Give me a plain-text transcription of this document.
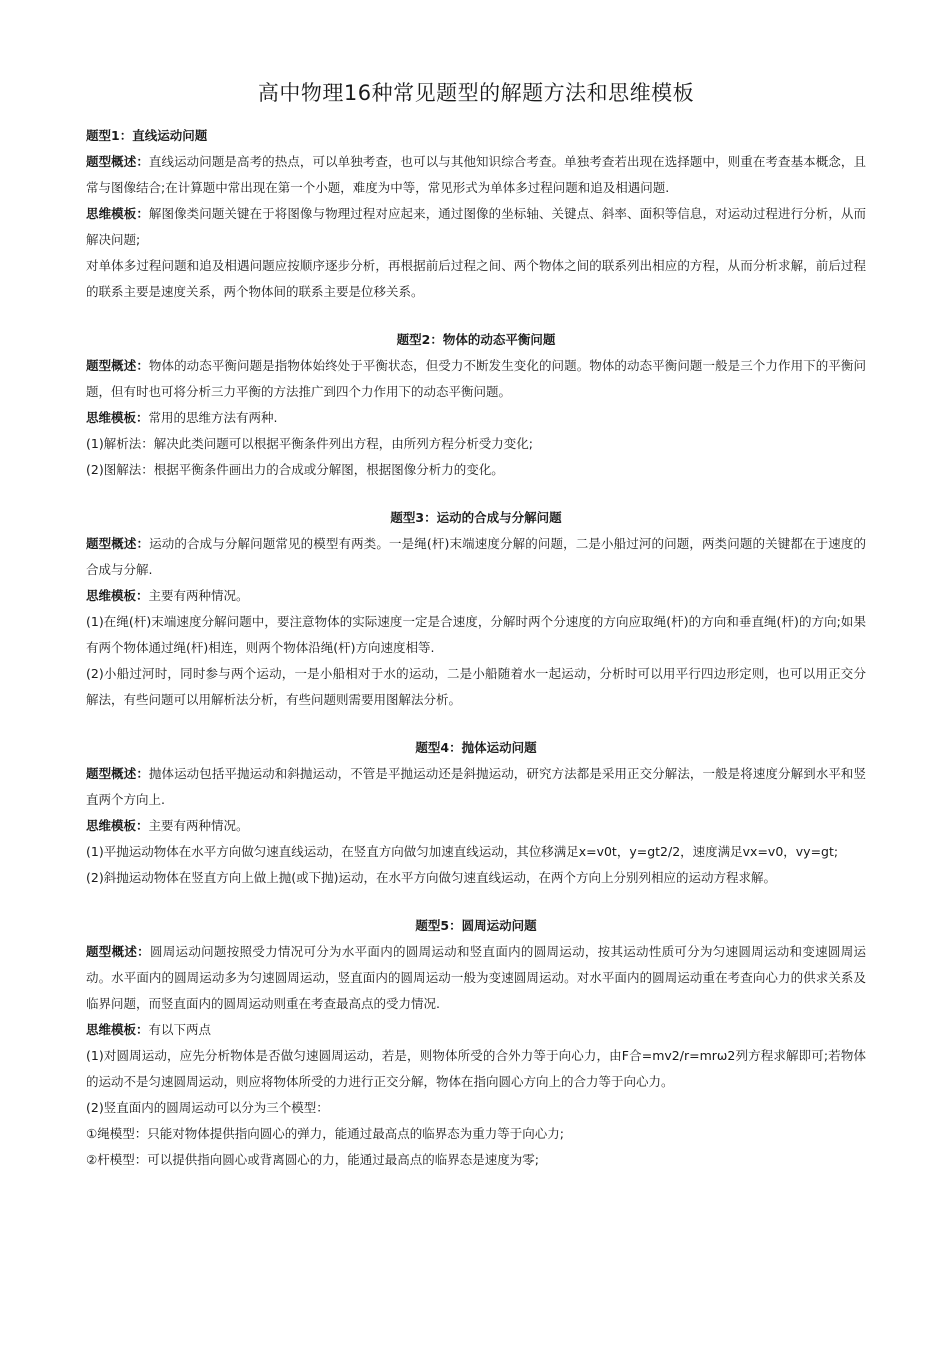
高中物理16种常见题型的解题方法和思维模板

题型1：直线运动问题

题型概述：直线运动问题是高考的热点，可以单独考查，也可以与其他知识综合考查。单独考查若出现在选择题中，则重在考查基本概念，且常与图像结合;在计算题中常出现在第一个小题，难度为中等，常见形式为单体多过程问题和追及相遇问题.

思维模板：解图像类问题关键在于将图像与物理过程对应起来，通过图像的坐标轴、关键点、斜率、面积等信息，对运动过程进行分析，从而解决问题;

对单体多过程问题和追及相遇问题应按顺序逐步分析，再根据前后过程之间、两个物体之间的联系列出相应的方程，从而分析求解，前后过程的联系主要是速度关系，两个物体间的联系主要是位移关系。

题型2：物体的动态平衡问题

题型概述：物体的动态平衡问题是指物体始终处于平衡状态，但受力不断发生变化的问题。物体的动态平衡问题一般是三个力作用下的平衡问题，但有时也可将分析三力平衡的方法推广到四个力作用下的动态平衡问题。

思维模板：常用的思维方法有两种.

(1)解析法：解决此类问题可以根据平衡条件列出方程，由所列方程分析受力变化;

(2)图解法：根据平衡条件画出力的合成或分解图，根据图像分析力的变化。

题型3：运动的合成与分解问题

题型概述：运动的合成与分解问题常见的模型有两类。一是绳(杆)末端速度分解的问题，二是小船过河的问题，两类问题的关键都在于速度的合成与分解.

思维模板：主要有两种情况。

(1)在绳(杆)末端速度分解问题中，要注意物体的实际速度一定是合速度，分解时两个分速度的方向应取绳(杆)的方向和垂直绳(杆)的方向;如果有两个物体通过绳(杆)相连，则两个物体沿绳(杆)方向速度相等.

(2)小船过河时，同时参与两个运动，一是小船相对于水的运动，二是小船随着水一起运动，分析时可以用平行四边形定则，也可以用正交分解法，有些问题可以用解析法分析，有些问题则需要用图解法分析。

题型4：抛体运动问题

题型概述：抛体运动包括平抛运动和斜抛运动，不管是平抛运动还是斜抛运动，研究方法都是采用正交分解法，一般是将速度分解到水平和竖直两个方向上.

思维模板：主要有两种情况。

(1)平抛运动物体在水平方向做匀速直线运动，在竖直方向做匀加速直线运动，其位移满足x=v0t，y=gt2/2，速度满足vx=v0，vy=gt;

(2)斜抛运动物体在竖直方向上做上抛(或下抛)运动，在水平方向做匀速直线运动，在两个方向上分别列相应的运动方程求解。

题型5：圆周运动问题

题型概述：圆周运动问题按照受力情况可分为水平面内的圆周运动和竖直面内的圆周运动，按其运动性质可分为匀速圆周运动和变速圆周运动。水平面内的圆周运动多为匀速圆周运动，竖直面内的圆周运动一般为变速圆周运动。对水平面内的圆周运动重在考查向心力的供求关系及临界问题，而竖直面内的圆周运动则重在考查最高点的受力情况.

思维模板：有以下两点

(1)对圆周运动，应先分析物体是否做匀速圆周运动，若是，则物体所受的合外力等于向心力，由F合=mv2/r=mrω2列方程求解即可;若物体的运动不是匀速圆周运动，则应将物体所受的力进行正交分解，物体在指向圆心方向上的合力等于向心力。

(2)竖直面内的圆周运动可以分为三个模型：

①绳模型：只能对物体提供指向圆心的弹力，能通过最高点的临界态为重力等于向心力;

②杆模型：可以提供指向圆心或背离圆心的力，能通过最高点的临界态是速度为零;
